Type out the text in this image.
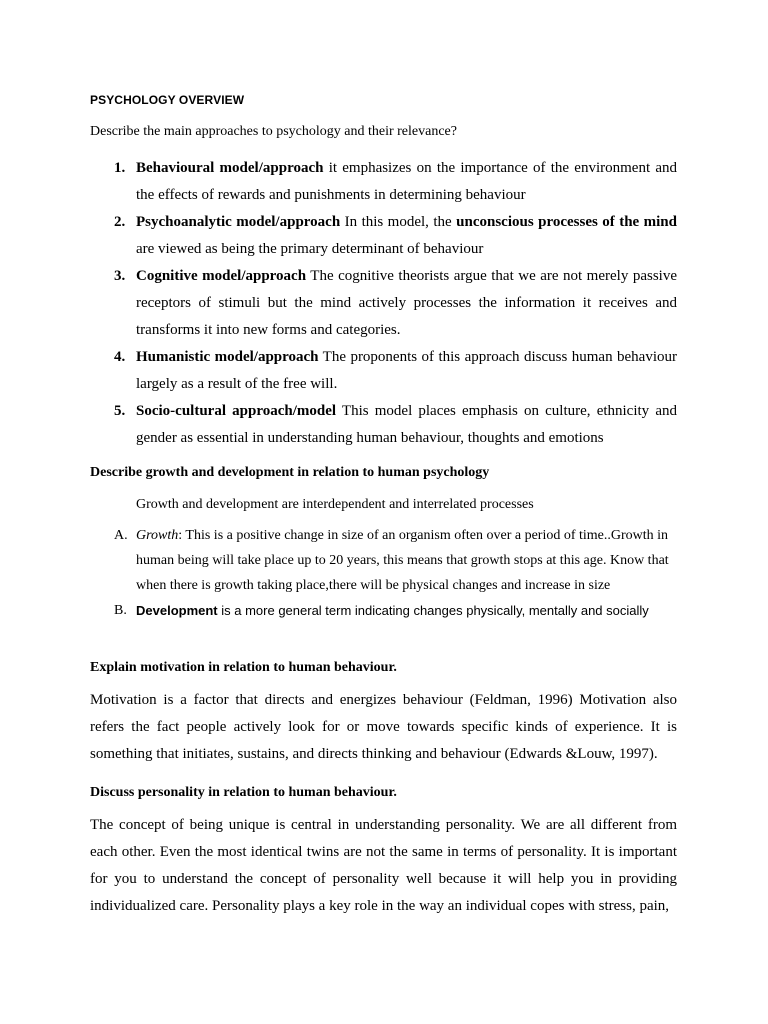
PSYCHOLOGY OVERVIEW
Describe the main approaches to psychology and their relevance?
1. Behavioural model/approach it emphasizes on the importance of the environment and the effects of rewards and punishments in determining behaviour
2. Psychoanalytic model/approach In this model, the unconscious processes of the mind are viewed as being the primary determinant of behaviour
3. Cognitive model/approach The cognitive theorists argue that we are not merely passive receptors of stimuli but the mind actively processes the information it receives and transforms it into new forms and categories.
4. Humanistic model/approach The proponents of this approach discuss human behaviour largely as a result of the free will.
5. Socio-cultural approach/model This model places emphasis on culture, ethnicity and gender as essential in understanding human behaviour, thoughts and emotions
Describe growth and development in relation to human psychology
Growth and development are interdependent and interrelated processes
A. Growth: This is a positive change in size of an organism often over a period of time..Growth in human being will take place up to 20 years, this means that growth stops at this age. Know that when there is growth taking place,there will be physical changes and increase in size
B. Development is a more general term indicating changes physically, mentally and socially
Explain motivation in relation to human behaviour.
Motivation is a factor that directs and energizes behaviour (Feldman, 1996) Motivation also refers the fact people actively look for or move towards specific kinds of experience. It is something that initiates, sustains, and directs thinking and behaviour (Edwards &Louw, 1997).
Discuss personality in relation to human behaviour.
The concept of being unique is central in understanding personality. We are all different from each other. Even the most identical twins are not the same in terms of personality. It is important for you to understand the concept of personality well because it will help you in providing individualized care. Personality plays a key role in the way an individual copes with stress, pain,
